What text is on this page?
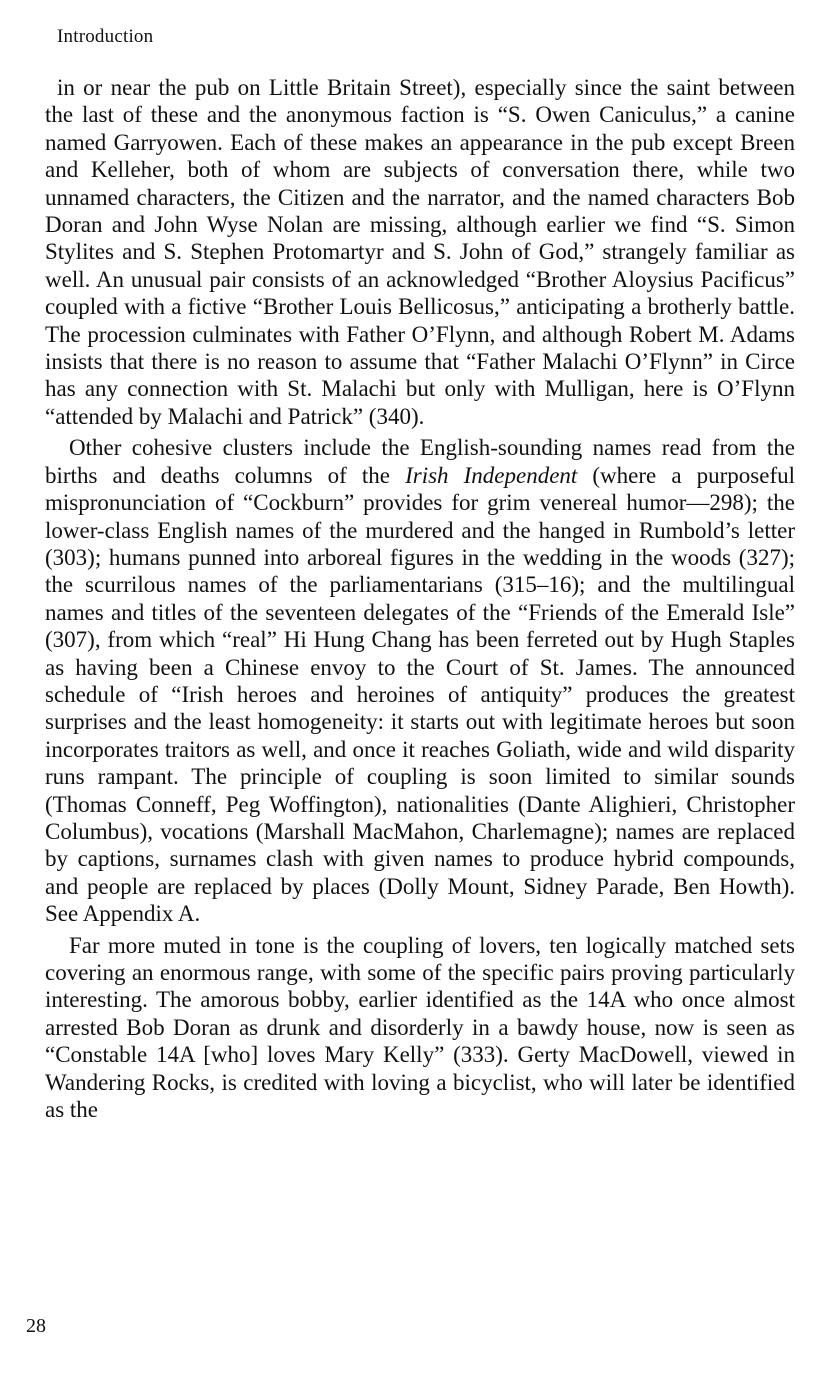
Introduction

in or near the pub on Little Britain Street), especially since the saint between the last of these and the anonymous faction is “S. Owen Caniculus,” a canine named Garryowen. Each of these makes an appearance in the pub except Breen and Kelleher, both of whom are subjects of conversation there, while two unnamed characters, the Citizen and the narrator, and the named characters Bob Doran and John Wyse Nolan are missing, although earlier we find “S. Simon Stylites and S. Stephen Protomartyr and S. John of God,” strangely familiar as well. An unusual pair consists of an acknowledged “Brother Aloysius Pacificus” coupled with a fictive “Brother Louis Bellicosus,” anticipating a brotherly battle. The procession culminates with Father O’Flynn, and although Robert M. Adams insists that there is no reason to assume that “Father Malachi O’Flynn” in Circe has any connection with St. Malachi but only with Mulligan, here is O’Flynn “attended by Malachi and Patrick” (340).

Other cohesive clusters include the English-sounding names read from the births and deaths columns of the Irish Independent (where a purposeful mispronunciation of “Cockburn” provides for grim venereal humor—298); the lower-class English names of the murdered and the hanged in Rumbold’s letter (303); humans punned into arboreal figures in the wedding in the woods (327); the scurrilous names of the parliamentarians (315–16); and the multilingual names and titles of the seventeen delegates of the “Friends of the Emerald Isle” (307), from which “real” Hi Hung Chang has been ferreted out by Hugh Staples as having been a Chinese envoy to the Court of St. James. The announced schedule of “Irish heroes and heroines of antiquity” produces the greatest surprises and the least homogeneity: it starts out with legitimate heroes but soon incorporates traitors as well, and once it reaches Goliath, wide and wild disparity runs rampant. The principle of coupling is soon limited to similar sounds (Thomas Conneff, Peg Woffington), nationalities (Dante Alighieri, Christopher Columbus), vocations (Marshall MacMahon, Charlemagne); names are replaced by captions, surnames clash with given names to produce hybrid compounds, and people are replaced by places (Dolly Mount, Sidney Parade, Ben Howth). See Appendix A.

Far more muted in tone is the coupling of lovers, ten logically matched sets covering an enormous range, with some of the specific pairs proving particularly interesting. The amorous bobby, earlier identified as the 14A who once almost arrested Bob Doran as drunk and disorderly in a bawdy house, now is seen as “Constable 14A [who] loves Mary Kelly” (333). Gerty MacDowell, viewed in Wandering Rocks, is credited with loving a bicyclist, who will later be identified as the

28
